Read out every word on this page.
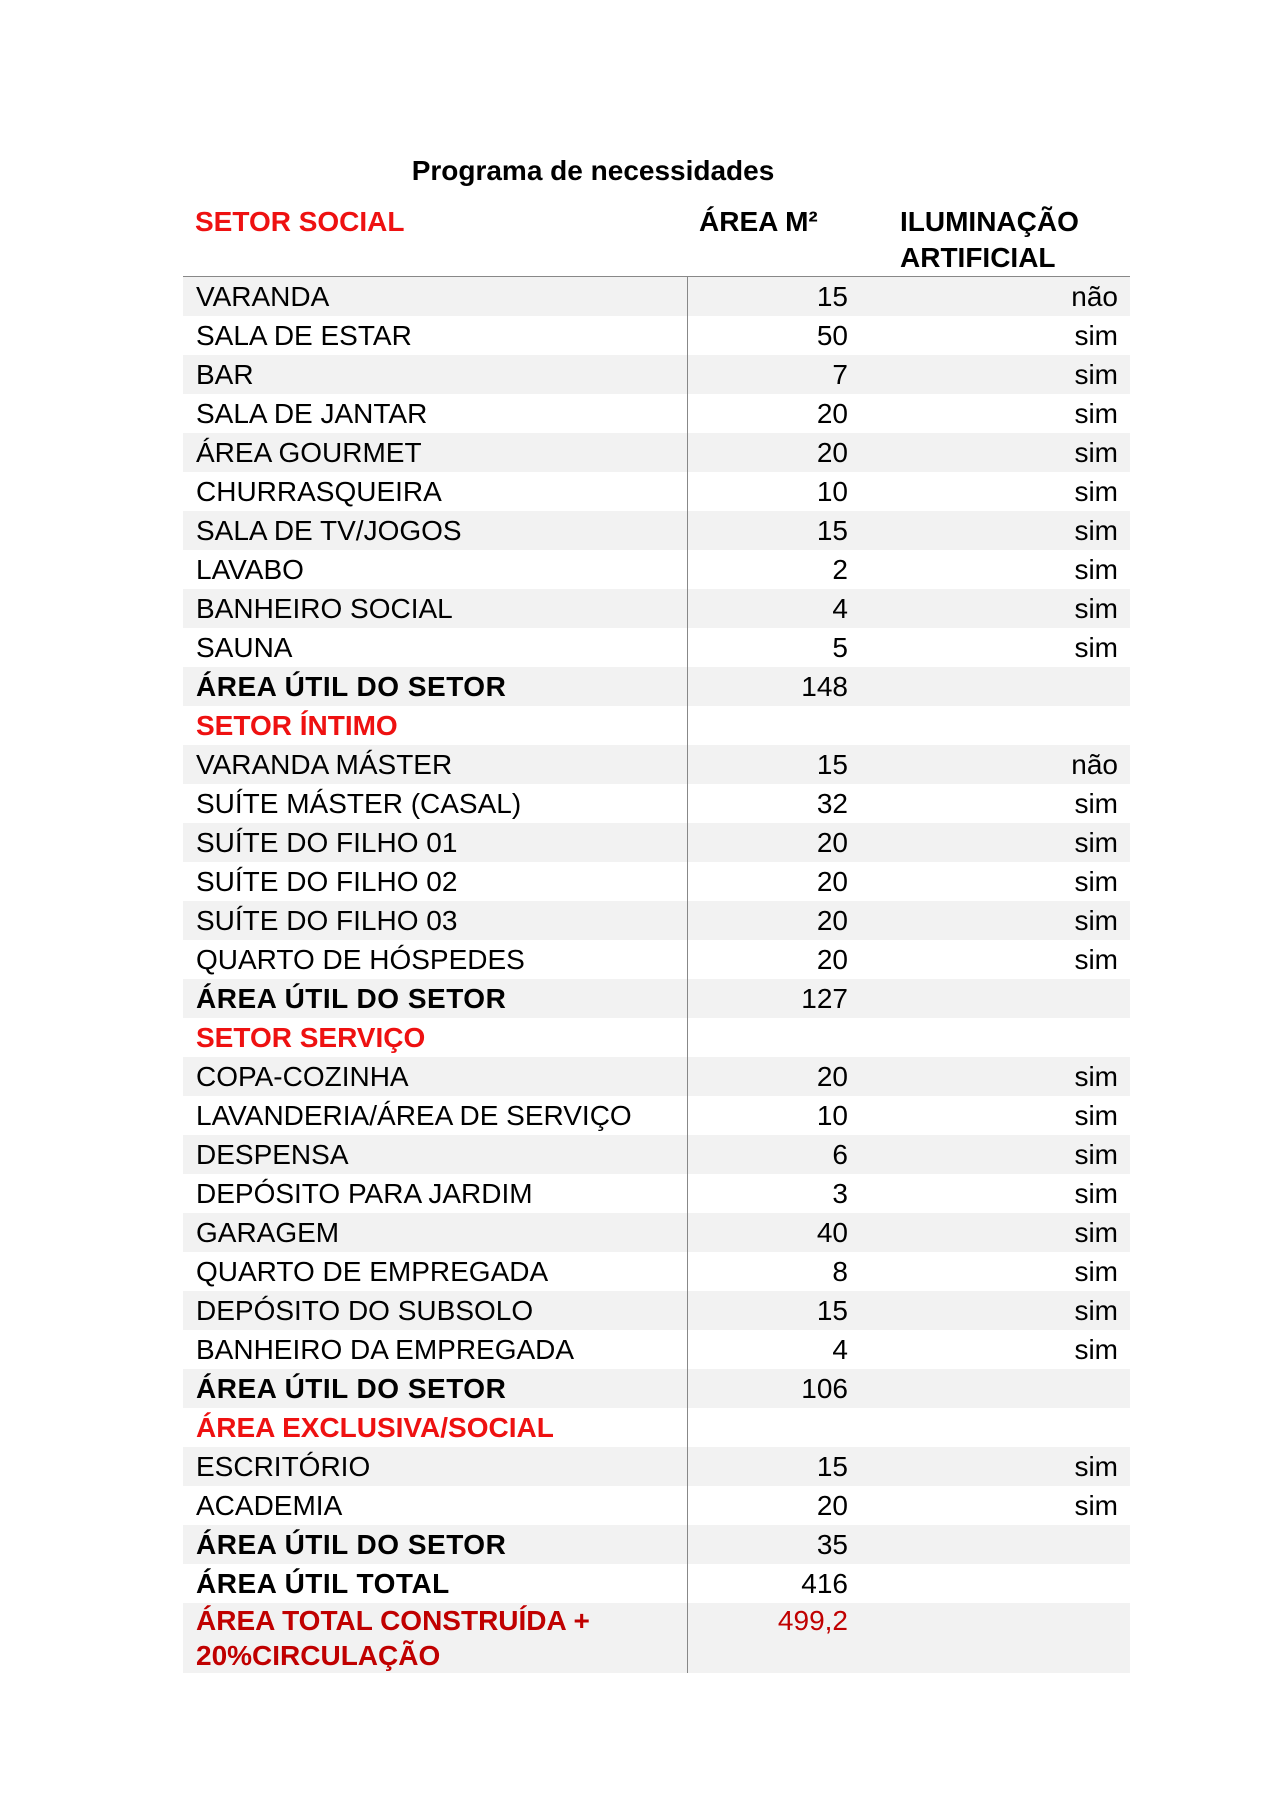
Programa de necessidades
SETOR SOCIAL	ÁREA M²	ILUMINAÇÃO
ARTIFICIAL
VARANDA	15	não
SALA DE ESTAR	50	sim
BAR	7	sim
SALA DE JANTAR	20	sim
ÁREA GOURMET	20	sim
CHURRASQUEIRA	10	sim
SALA DE TV/JOGOS	15	sim
LAVABO	2	sim
BANHEIRO SOCIAL	4	sim
SAUNA	5	sim
ÁREA ÚTIL DO SETOR	148	
SETOR ÍNTIMO		
VARANDA MÁSTER	15	não
SUÍTE MÁSTER (CASAL)	32	sim
SUÍTE DO FILHO 01	20	sim
SUÍTE DO FILHO 02	20	sim
SUÍTE DO FILHO 03	20	sim
QUARTO DE HÓSPEDES	20	sim
ÁREA ÚTIL DO SETOR	127	
SETOR SERVIÇO		
COPA-COZINHA	20	sim
LAVANDERIA/ÁREA DE SERVIÇO	10	sim
DESPENSA	6	sim
DEPÓSITO PARA JARDIM	3	sim
GARAGEM	40	sim
QUARTO DE EMPREGADA	8	sim
DEPÓSITO DO SUBSOLO	15	sim
BANHEIRO DA EMPREGADA	4	sim
ÁREA ÚTIL DO SETOR	106	
ÁREA EXCLUSIVA/SOCIAL		
ESCRITÓRIO	15	sim
ACADEMIA	20	sim
ÁREA ÚTIL DO SETOR	35	
ÁREA ÚTIL TOTAL	416	
ÁREA TOTAL CONSTRUÍDA + 20%CIRCULAÇÃO	499,2	
